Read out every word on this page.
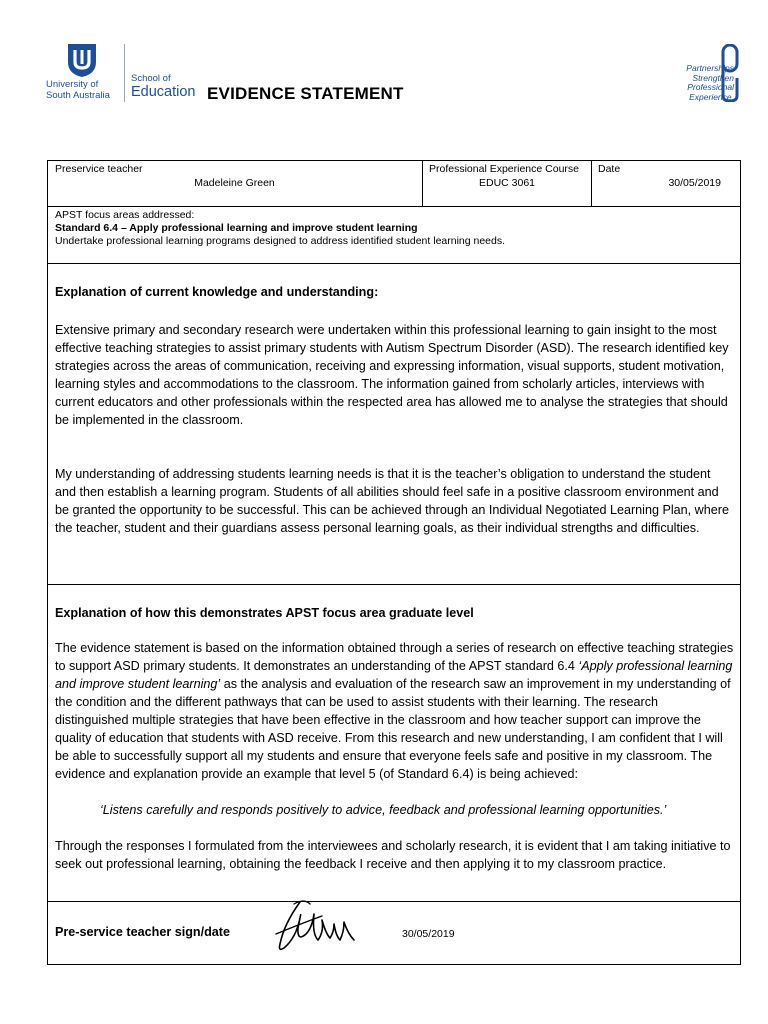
University of South Australia
School of
Education EVIDENCE STATEMENT
Partnerships Strengthen Professional Experience.
Preservice teacher
Madeleine Green
Professional Experience Course
EDUC 3061
Date
30/05/2019
APST focus areas addressed:
Standard 6.4 – Apply professional learning and improve student learning
Undertake professional learning programs designed to address identified student learning needs.
Explanation of current knowledge and understanding:
Extensive primary and secondary research were undertaken within this professional learning to gain insight to the most effective teaching strategies to assist primary students with Autism Spectrum Disorder (ASD). The research identified key strategies across the areas of communication, receiving and expressing information, visual supports, student motivation, learning styles and accommodations to the classroom. The information gained from scholarly articles, interviews with current educators and other professionals within the respected area has allowed me to analyse the strategies that should be implemented in the classroom.
My understanding of addressing students learning needs is that it is the teacher’s obligation to understand the student and then establish a learning program. Students of all abilities should feel safe in a positive classroom environment and be granted the opportunity to be successful. This can be achieved through an Individual Negotiated Learning Plan, where the teacher, student and their guardians assess personal learning goals, as their individual strengths and difficulties.
Explanation of how this demonstrates APST focus area graduate level
The evidence statement is based on the information obtained through a series of research on effective teaching strategies to support ASD primary students. It demonstrates an understanding of the APST standard 6.4 ‘Apply professional learning and improve student learning’ as the analysis and evaluation of the research saw an improvement in my understanding of the condition and the different pathways that can be used to assist students with their learning. The research distinguished multiple strategies that have been effective in the classroom and how teacher support can improve the quality of education that students with ASD receive. From this research and new understanding, I am confident that I will be able to successfully support all my students and ensure that everyone feels safe and positive in my classroom. The evidence and explanation provide an example that level 5 (of Standard 6.4) is being achieved:
‘Listens carefully and responds positively to advice, feedback and professional learning opportunities.’
Through the responses I formulated from the interviewees and scholarly research, it is evident that I am taking initiative to seek out professional learning, obtaining the feedback I receive and then applying it to my classroom practice.
Pre-service teacher sign/date	30/05/2019
